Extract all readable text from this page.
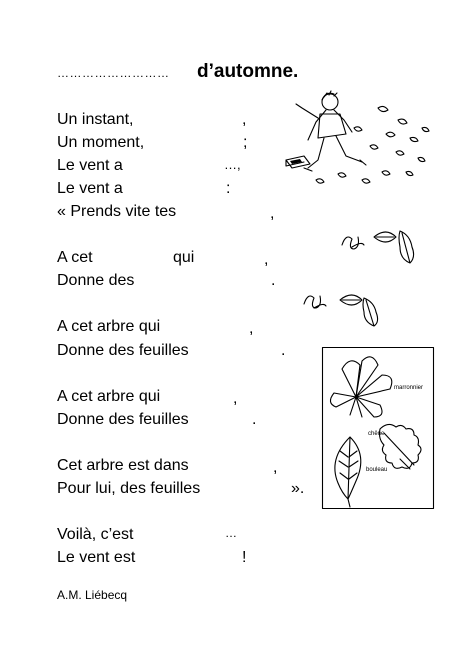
……………………… d’automne.
Un instant,	,
Un moment,	;
Le vent a	…,
Le vent a	:
« Prends vite tes	,
A cet	qui	,
Donne des	.
A cet arbre qui	,
Donne des feuilles	.
A cet arbre qui	,
Donne des feuilles	.
Cet arbre est dans	,
Pour lui, des feuilles	».
Voilà, c’est	…
Le vent est	!
A.M. Liébecq
marronnier
chêne
bouleau
